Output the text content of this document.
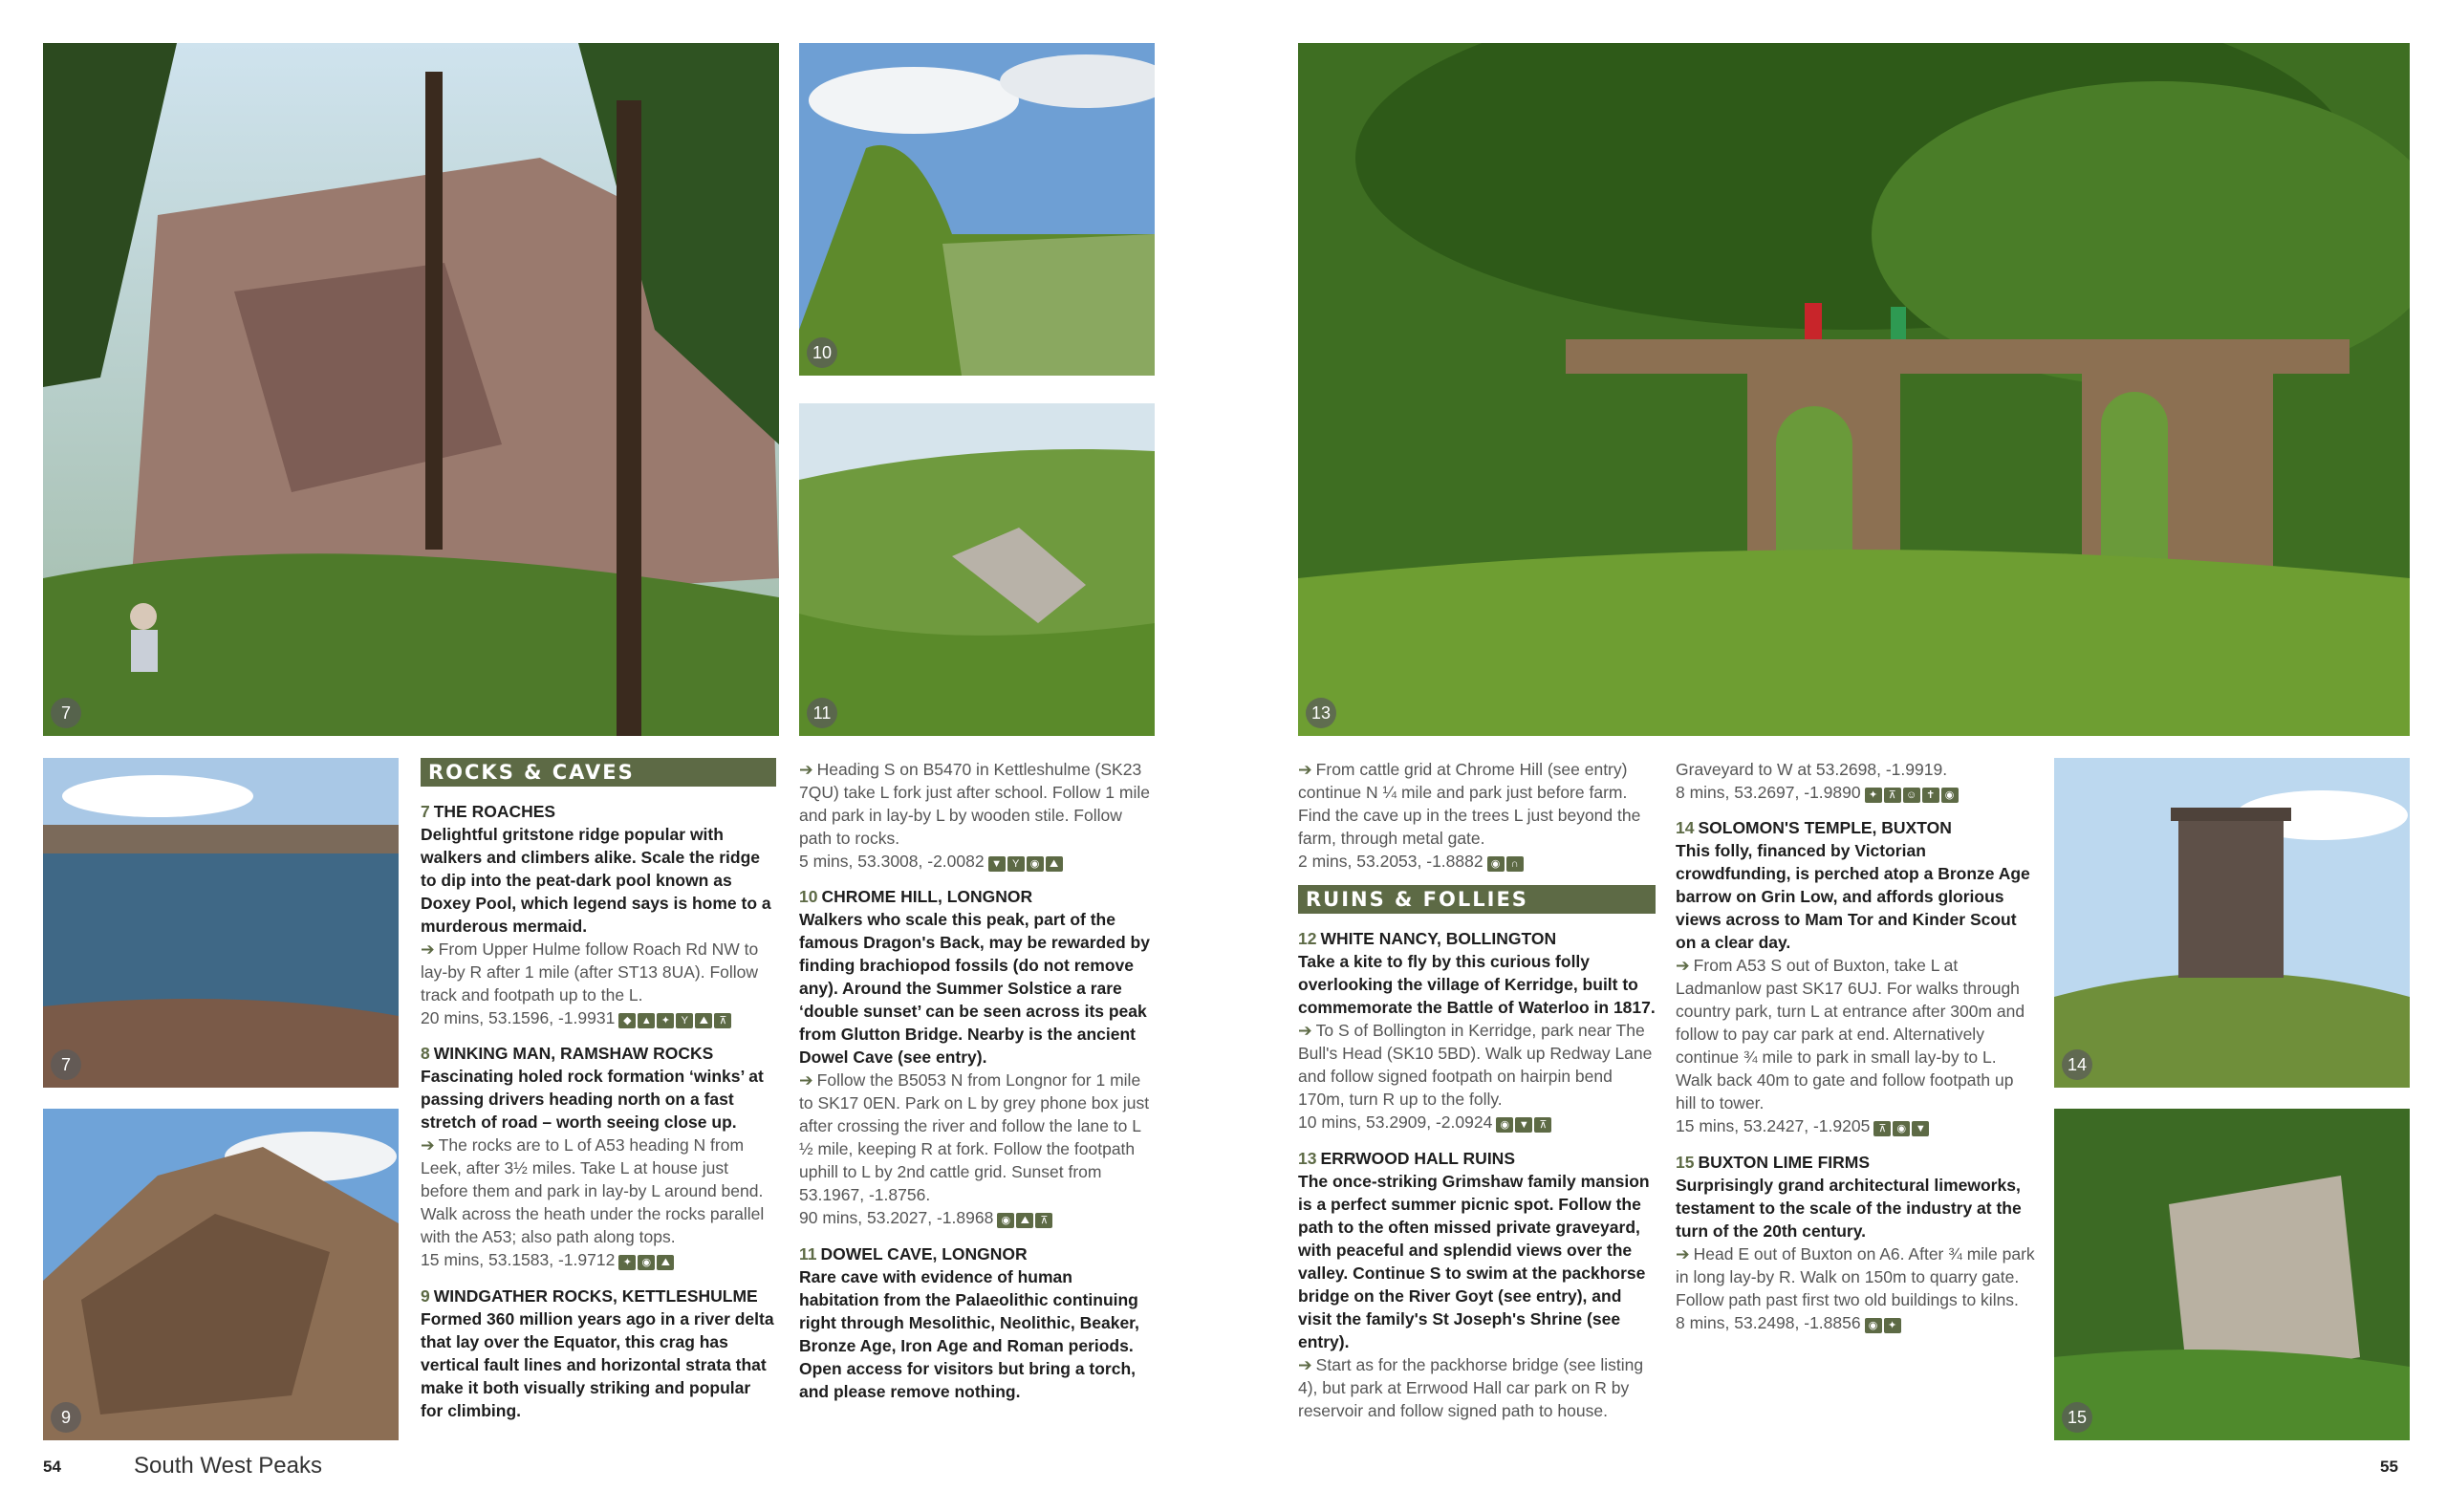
7
10
11	13
7
9
14
15
ROCKS & CAVES

7 THE ROACHES

Delightful gritstone ridge popular with walkers and climbers alike. Scale the ridge to dip into the peat-dark pool known as Doxey Pool, which legend says is home to a murderous mermaid.

➔ From Upper Hulme follow Roach Rd NW to lay-by R after 1 mile (after ST13 8UA). Follow track and footpath up to the L.

20 mins, 53.1596, -1.9931 ◆ ▲ ✦ Y ⛰ ⊼

8 WINKING MAN, RAMSHAW ROCKS

Fascinating holed rock formation ‘winks’ at passing drivers heading north on a fast stretch of road – worth seeing close up.

➔ The rocks are to L of A53 heading N from Leek, after 3½ miles. Take L at house just before them and park in lay-by L around bend. Walk across the heath under the rocks parallel with the A53; also path along tops.

15 mins, 53.1583, -1.9712 ✦ ◉ ⛰

9 WINDGATHER ROCKS, KETTLESHULME

Formed 360 million years ago in a river delta that lay over the Equator, this crag has vertical fault lines and horizontal strata that make it both visually striking and popular for climbing.

➔ Heading S on B5470 in Kettleshulme (SK23 7QU) take L fork just after school. Follow 1 mile and park in lay-by L by wooden stile. Follow path to rocks.

5 mins, 53.3008, -2.0082 ▼ Y ◉ ⛰

10 CHROME HILL, LONGNOR

Walkers who scale this peak, part of the famous Dragon's Back, may be rewarded by finding brachiopod fossils (do not remove any). Around the Summer Solstice a rare ‘double sunset’ can be seen across its peak from Glutton Bridge. Nearby is the ancient Dowel Cave (see entry).

➔ Follow the B5053 N from Longnor for 1 mile to SK17 0EN. Park on L by grey phone box just after crossing the river and follow the lane to L ½ mile, keeping R at fork. Follow the footpath uphill to L by 2nd cattle grid. Sunset from 53.1967, -1.8756.

90 mins, 53.2027, -1.8968 ◉ ⛰ ⊼

11 DOWEL CAVE, LONGNOR

Rare cave with evidence of human habitation from the Palaeolithic continuing right through Mesolithic, Neolithic, Beaker, Bronze Age, Iron Age and Roman periods. Open access for visitors but bring a torch, and please remove nothing.

➔ From cattle grid at Chrome Hill (see entry) continue N ¼ mile and park just before farm. Find the cave up in the trees L just beyond the farm, through metal gate.

2 mins, 53.2053, -1.8882 ◉ ∩

RUINS & FOLLIES

12 WHITE NANCY, BOLLINGTON

Take a kite to fly by this curious folly overlooking the village of Kerridge, built to commemorate the Battle of Waterloo in 1817.

➔ To S of Bollington in Kerridge, park near The Bull's Head (SK10 5BD). Walk up Redway Lane and follow signed footpath on hairpin bend 170m, turn R up to the folly.

10 mins, 53.2909, -2.0924 ◉ ▼ ⊼

13 ERRWOOD HALL RUINS

The once-striking Grimshaw family mansion is a perfect summer picnic spot. Follow the path to the often missed private graveyard, with peaceful and splendid views over the valley. Continue S to swim at the packhorse bridge on the River Goyt (see entry), and visit the family's St Joseph's Shrine (see entry).

➔ Start as for the packhorse bridge (see listing 4), but park at Errwood Hall car park on R by reservoir and follow signed path to house.

Graveyard to W at 53.2698, -1.9919.

8 mins, 53.2697, -1.9890 ✦ ⊼ ☺ ✝ ◉

14 SOLOMON'S TEMPLE, BUXTON

This folly, financed by Victorian crowdfunding, is perched atop a Bronze Age barrow on Grin Low, and affords glorious views across to Mam Tor and Kinder Scout on a clear day.

➔ From A53 S out of Buxton, take L at Ladmanlow past SK17 6UJ. For walks through country park, turn L at entrance after 300m and follow to pay car park at end. Alternatively continue ¾ mile to park in small lay-by to L. Walk back 40m to gate and follow footpath up hill to tower.

15 mins, 53.2427, -1.9205 ⊼ ◉ ▼

15 BUXTON LIME FIRMS

Surprisingly grand architectural limeworks, testament to the scale of the industry at the turn of the 20th century.

➔ Head E out of Buxton on A6. After ¾ mile park in long lay-by R. Walk on 150m to quarry gate. Follow path past first two old buildings to kilns.

8 mins, 53.2498, -1.8856 ◉ ✦

54	South West Peaks	55
